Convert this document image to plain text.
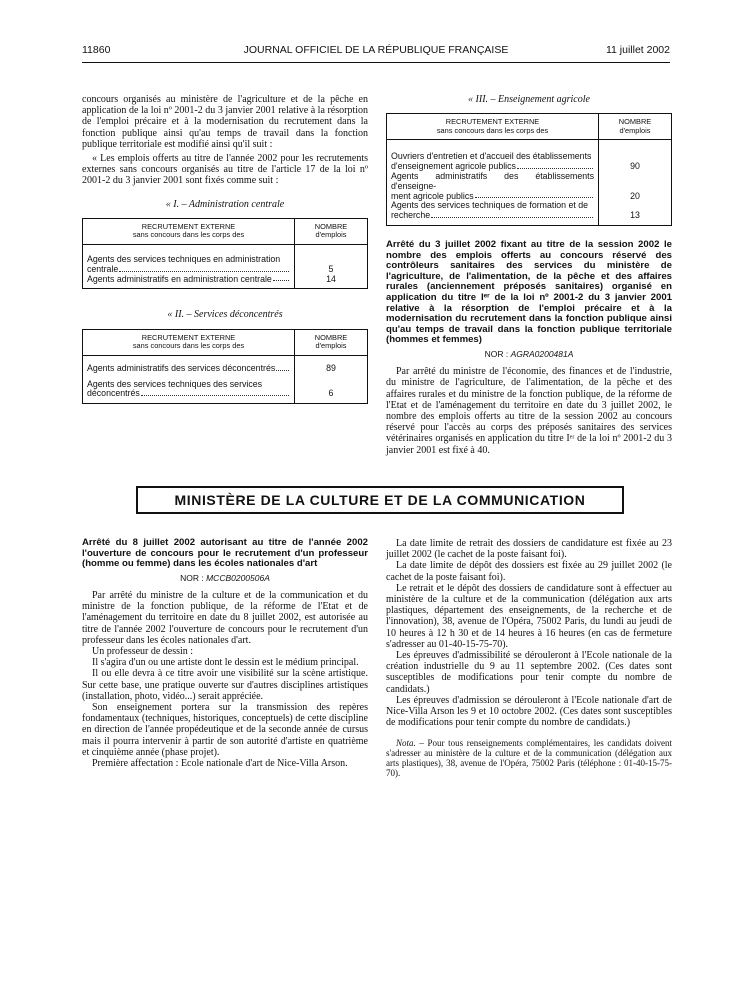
11860	JOURNAL OFFICIEL DE LA RÉPUBLIQUE FRANÇAISE	11 juillet 2002

concours organisés au ministère de l'agriculture et de la pêche en application de la loi nº 2001-2 du 3 janvier 2001 relative à la résorption de l'emploi précaire et à la modernisation du recrutement dans la fonction publique ainsi qu'au temps de travail dans la fonction publique territoriale est modifié ainsi qu'il suit :

« Les emplois offerts au titre de l'année 2002 pour les recrutements externes sans concours organisés au titre de l'article 17 de la loi nº 2001-2 du 3 janvier 2001 sont fixés comme suit :

« I. – Administration centrale
RECRUTEMENT EXTERNE
sans concours dans les corps des	NOMBRE
d'emplois

Agents des services techniques en administration
centrale	5

Agents administratifs en administration centrale	14
« II. – Services déconcentrés
RECRUTEMENT EXTERNE
sans concours dans les corps des	NOMBRE
d'emplois

Agents administratifs des services déconcentrés	89

Agents des services techniques des services
déconcentrés	6
« III. – Enseignement agricole
RECRUTEMENT EXTERNE
sans concours dans les corps des	NOMBRE
d'emplois

Ouvriers d'entretien et d'accueil des établissements
d'enseignement agricole publics	90

Agents administratifs des établissements d'enseigne-
ment agricole publics	20

Agents des services techniques de formation et de
recherche	13
Arrêté du 3 juillet 2002 fixant au titre de la session 2002 le nombre des emplois offerts au concours réservé des contrôleurs sanitaires des services du ministère de l'agriculture, de l'alimentation, de la pêche et des affaires rurales (anciennement préposés sanitaires) organisé en application du titre Iᵉʳ de la loi nº 2001-2 du 3 janvier 2001 relative à la résorption de l'emploi précaire et à la modernisation du recrutement dans la fonction publique ainsi qu'au temps de travail dans la fonction publique territoriale (hommes et femmes)
NOR : AGRA0200481A

Par arrêté du ministre de l'économie, des finances et de l'industrie, du ministre de l'agriculture, de l'alimentation, de la pêche et des affaires rurales et du ministre de la fonction publique, de la réforme de l'Etat et de l'aménagement du territoire en date du 3 juillet 2002, le nombre des emplois offerts au titre de la session 2002 au concours réservé pour l'accès au corps des préposés sanitaires des services vétérinaires organisés en application du titre Iᵉʳ de la loi nº 2001-2 du 3 janvier 2001 est fixé à 40.

MINISTÈRE DE LA CULTURE ET DE LA COMMUNICATION
Arrêté du 8 juillet 2002 autorisant au titre de l'année 2002 l'ouverture de concours pour le recrutement d'un professeur (homme ou femme) dans les écoles nationales d'art
NOR : MCCB0200506A

Par arrêté du ministre de la culture et de la communication et du ministre de la fonction publique, de la réforme de l'Etat et de l'aménagement du territoire en date du 8 juillet 2002, est autorisée au titre de l'année 2002 l'ouverture de concours pour le recrutement d'un professeur dans les écoles nationales d'art.

Un professeur de dessin :

Il s'agira d'un ou une artiste dont le dessin est le médium principal.

Il ou elle devra à ce titre avoir une visibilité sur la scène artistique. Sur cette base, une pratique ouverte sur d'autres disciplines artistiques (installation, photo, vidéo...) serait appréciée.

Son enseignement portera sur la transmission des repères fondamentaux (techniques, historiques, conceptuels) de cette discipline en direction de l'année propédeutique et de la seconde année de cursus mais il pourra intervenir à partir de son autorité d'artiste en quatrième et cinquième année (phase projet).

Première affectation : Ecole nationale d'art de Nice-Villa Arson.

La date limite de retrait des dossiers de candidature est fixée au 23 juillet 2002 (le cachet de la poste faisant foi).

La date limite de dépôt des dossiers est fixée au 29 juillet 2002 (le cachet de la poste faisant foi).

Le retrait et le dépôt des dossiers de candidature sont à effectuer au ministère de la culture et de la communication (délégation aux arts plastiques, département des enseignements, de la recherche et de l'innovation), 38, avenue de l'Opéra, 75002 Paris, du lundi au jeudi de 10 heures à 12 h 30 et de 14 heures à 16 heures (en cas de fermeture s'adresser au 01-40-15-75-70).

Les épreuves d'admissibilité se dérouleront à l'Ecole nationale de la création industrielle du 9 au 11 septembre 2002. (Ces dates sont susceptibles de modifications pour tenir compte du nombre de candidats.)

Les épreuves d'admission se dérouleront à l'Ecole nationale d'art de Nice-Villa Arson les 9 et 10 octobre 2002. (Ces dates sont susceptibles de modifications pour tenir compte du nombre de candidats.)

Nota. – Pour tous renseignements complémentaires, les candidats doivent s'adresser au ministère de la culture et de la communication (délégation aux arts plastiques), 38, avenue de l'Opéra, 75002 Paris (téléphone : 01-40-15-75-70).
